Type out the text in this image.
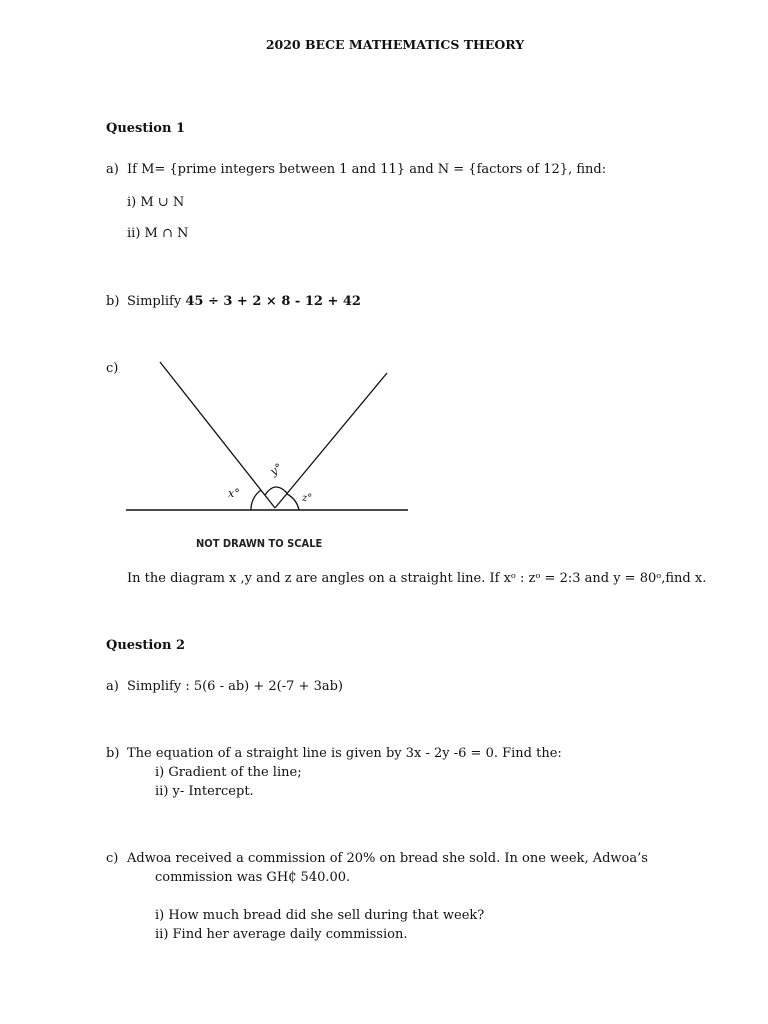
2020 BECE MATHEMATICS THEORY
Question 1
a) If M= {prime integers between 1 and 11} and N = {factors of 12}, find:
i) M ∪ N
ii) M ∩ N
b) Simplify 45 ÷ 3 + 2 × 8 - 12 + 42
c)
x°
y°
z°
NOT DRAWN TO SCALE
In the diagram x ,y and z are angles on a straight line. If xᵒ : zᵒ = 2:3 and y = 80ᵒ,find x.
Question 2
a) Simplify : 5(6 - ab) + 2(-7 + 3ab)
b) The equation of a straight line is given by 3x - 2y -6 = 0. Find the:
i) Gradient of the line;
ii) y- Intercept.
c) Adwoa received a commission of 20% on bread she sold. In one week, Adwoa’s
commission was GH₵ 540.00.
i) How much bread did she sell during that week?
ii) Find her average daily commission.
